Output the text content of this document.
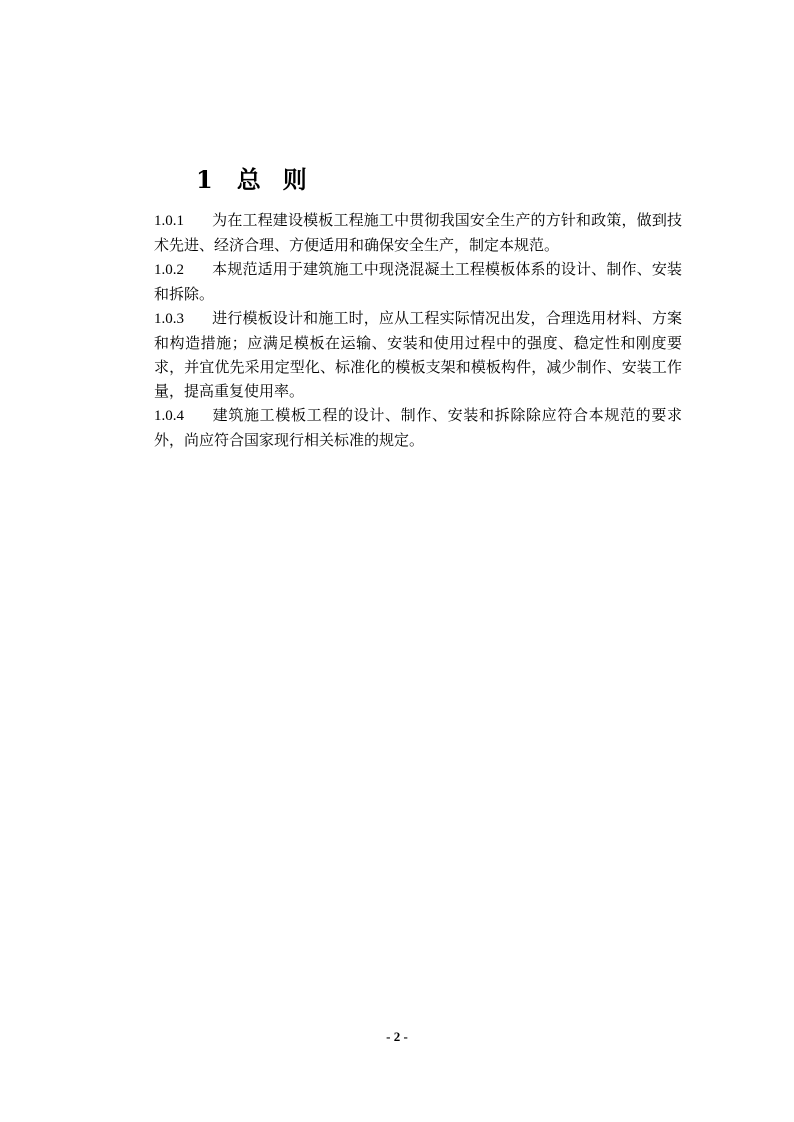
1 总 则

1.0.1 为在工程建设模板工程施工中贯彻我国安全生产的方针和政策，做到技术先进、经济合理、方便适用和确保安全生产，制定本规范。

1.0.2 本规范适用于建筑施工中现浇混凝土工程模板体系的设计、制作、安装和拆除。

1.0.3 进行模板设计和施工时，应从工程实际情况出发，合理选用材料、方案和构造措施；应满足模板在运输、安装和使用过程中的强度、稳定性和刚度要求，并宜优先采用定型化、标准化的模板支架和模板构件，减少制作、安装工作量，提高重复使用率。

1.0.4 建筑施工模板工程的设计、制作、安装和拆除除应符合本规范的要求外，尚应符合国家现行相关标准的规定。

- 2 -
